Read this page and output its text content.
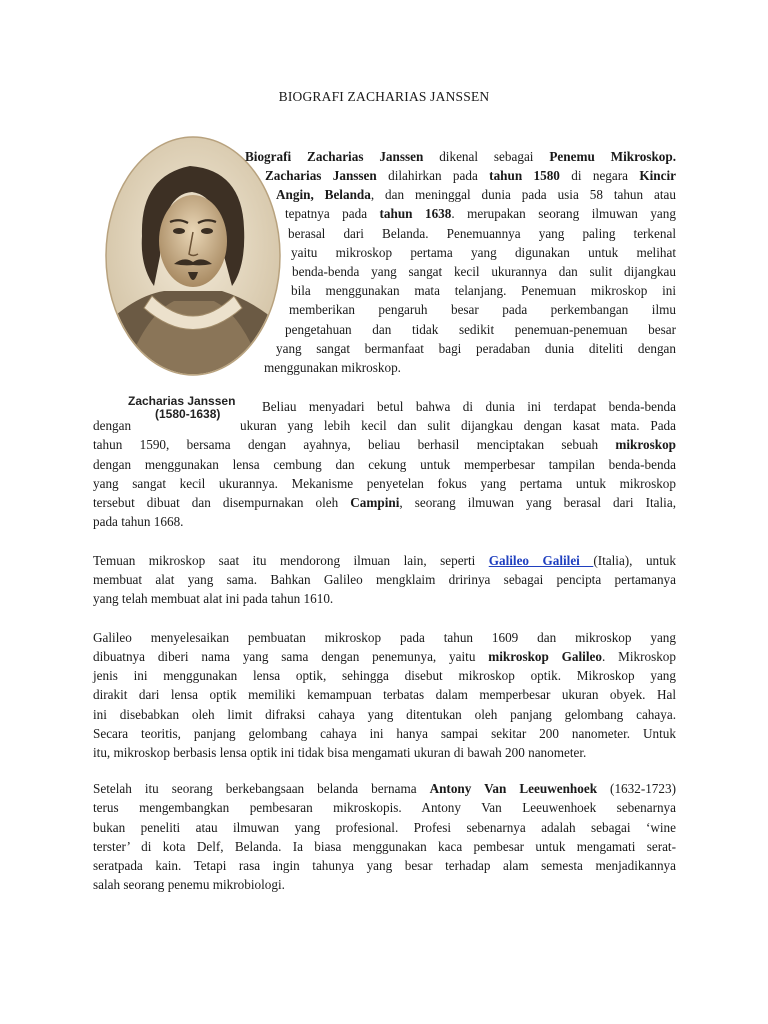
BIOGRAFI ZACHARIAS JANSSEN
Zacharias Janssen
(1580-1638)
Biografi Zacharias Janssen dikenal sebagai Penemu Mikroskop.
Zacharias Janssen dilahirkan pada tahun 1580 di negara Kincir
Angin, Belanda, dan meninggal dunia pada usia 58 tahun atau
tepatnya pada tahun 1638. merupakan seorang ilmuwan yang
berasal dari Belanda. Penemuannya yang paling terkenal
yaitu mikroskop pertama yang digunakan untuk melihat
benda-benda yang sangat kecil ukurannya dan sulit dijangkau
bila menggunakan mata telanjang. Penemuan mikroskop ini
memberikan pengaruh besar pada perkembangan ilmu
pengetahuan dan tidak sedikit penemuan-penemuan besar
yang sangat bermanfaat bagi peradaban dunia diteliti dengan
menggunakan mikroskop.
Beliau menyadari betul bahwa di dunia ini terdapat benda-benda
dengan	ukuran yang lebih kecil dan sulit dijangkau dengan kasat mata. Pada
tahun 1590, bersama dengan ayahnya, beliau berhasil menciptakan sebuah mikroskop
dengan menggunakan lensa cembung dan cekung untuk memperbesar tampilan benda-benda
yang sangat kecil ukurannya. Mekanisme penyetelan fokus yang pertama untuk mikroskop
tersebut dibuat dan disempurnakan oleh Campini, seorang ilmuwan yang berasal dari Italia,
pada tahun 1668.
Temuan mikroskop saat itu mendorong ilmuan lain, seperti Galileo Galilei (Italia), untuk
membuat alat yang sama. Bahkan Galileo mengklaim dririnya sebagai pencipta pertamanya
yang telah membuat alat ini pada tahun 1610.
Galileo menyelesaikan pembuatan mikroskop pada tahun 1609 dan mikroskop yang
dibuatnya diberi nama yang sama dengan penemunya, yaitu mikroskop Galileo. Mikroskop
jenis ini menggunakan lensa optik, sehingga disebut mikroskop optik. Mikroskop yang
dirakit dari lensa optik memiliki kemampuan terbatas dalam memperbesar ukuran obyek. Hal
ini disebabkan oleh limit difraksi cahaya yang ditentukan oleh panjang gelombang cahaya.
Secara teoritis, panjang gelombang cahaya ini hanya sampai sekitar 200 nanometer. Untuk
itu, mikroskop berbasis lensa optik ini tidak bisa mengamati ukuran di bawah 200 nanometer.
Setelah itu seorang berkebangsaan belanda bernama Antony Van Leeuwenhoek (1632-1723)
terus mengembangkan pembesaran mikroskopis. Antony Van Leeuwenhoek sebenarnya
bukan peneliti atau ilmuwan yang profesional. Profesi sebenarnya adalah sebagai ‘wine
terster’ di kota Delf, Belanda. Ia biasa menggunakan kaca pembesar untuk mengamati serat-
seratpada kain. Tetapi rasa ingin tahunya yang besar terhadap alam semesta menjadikannya
salah seorang penemu mikrobiologi.
